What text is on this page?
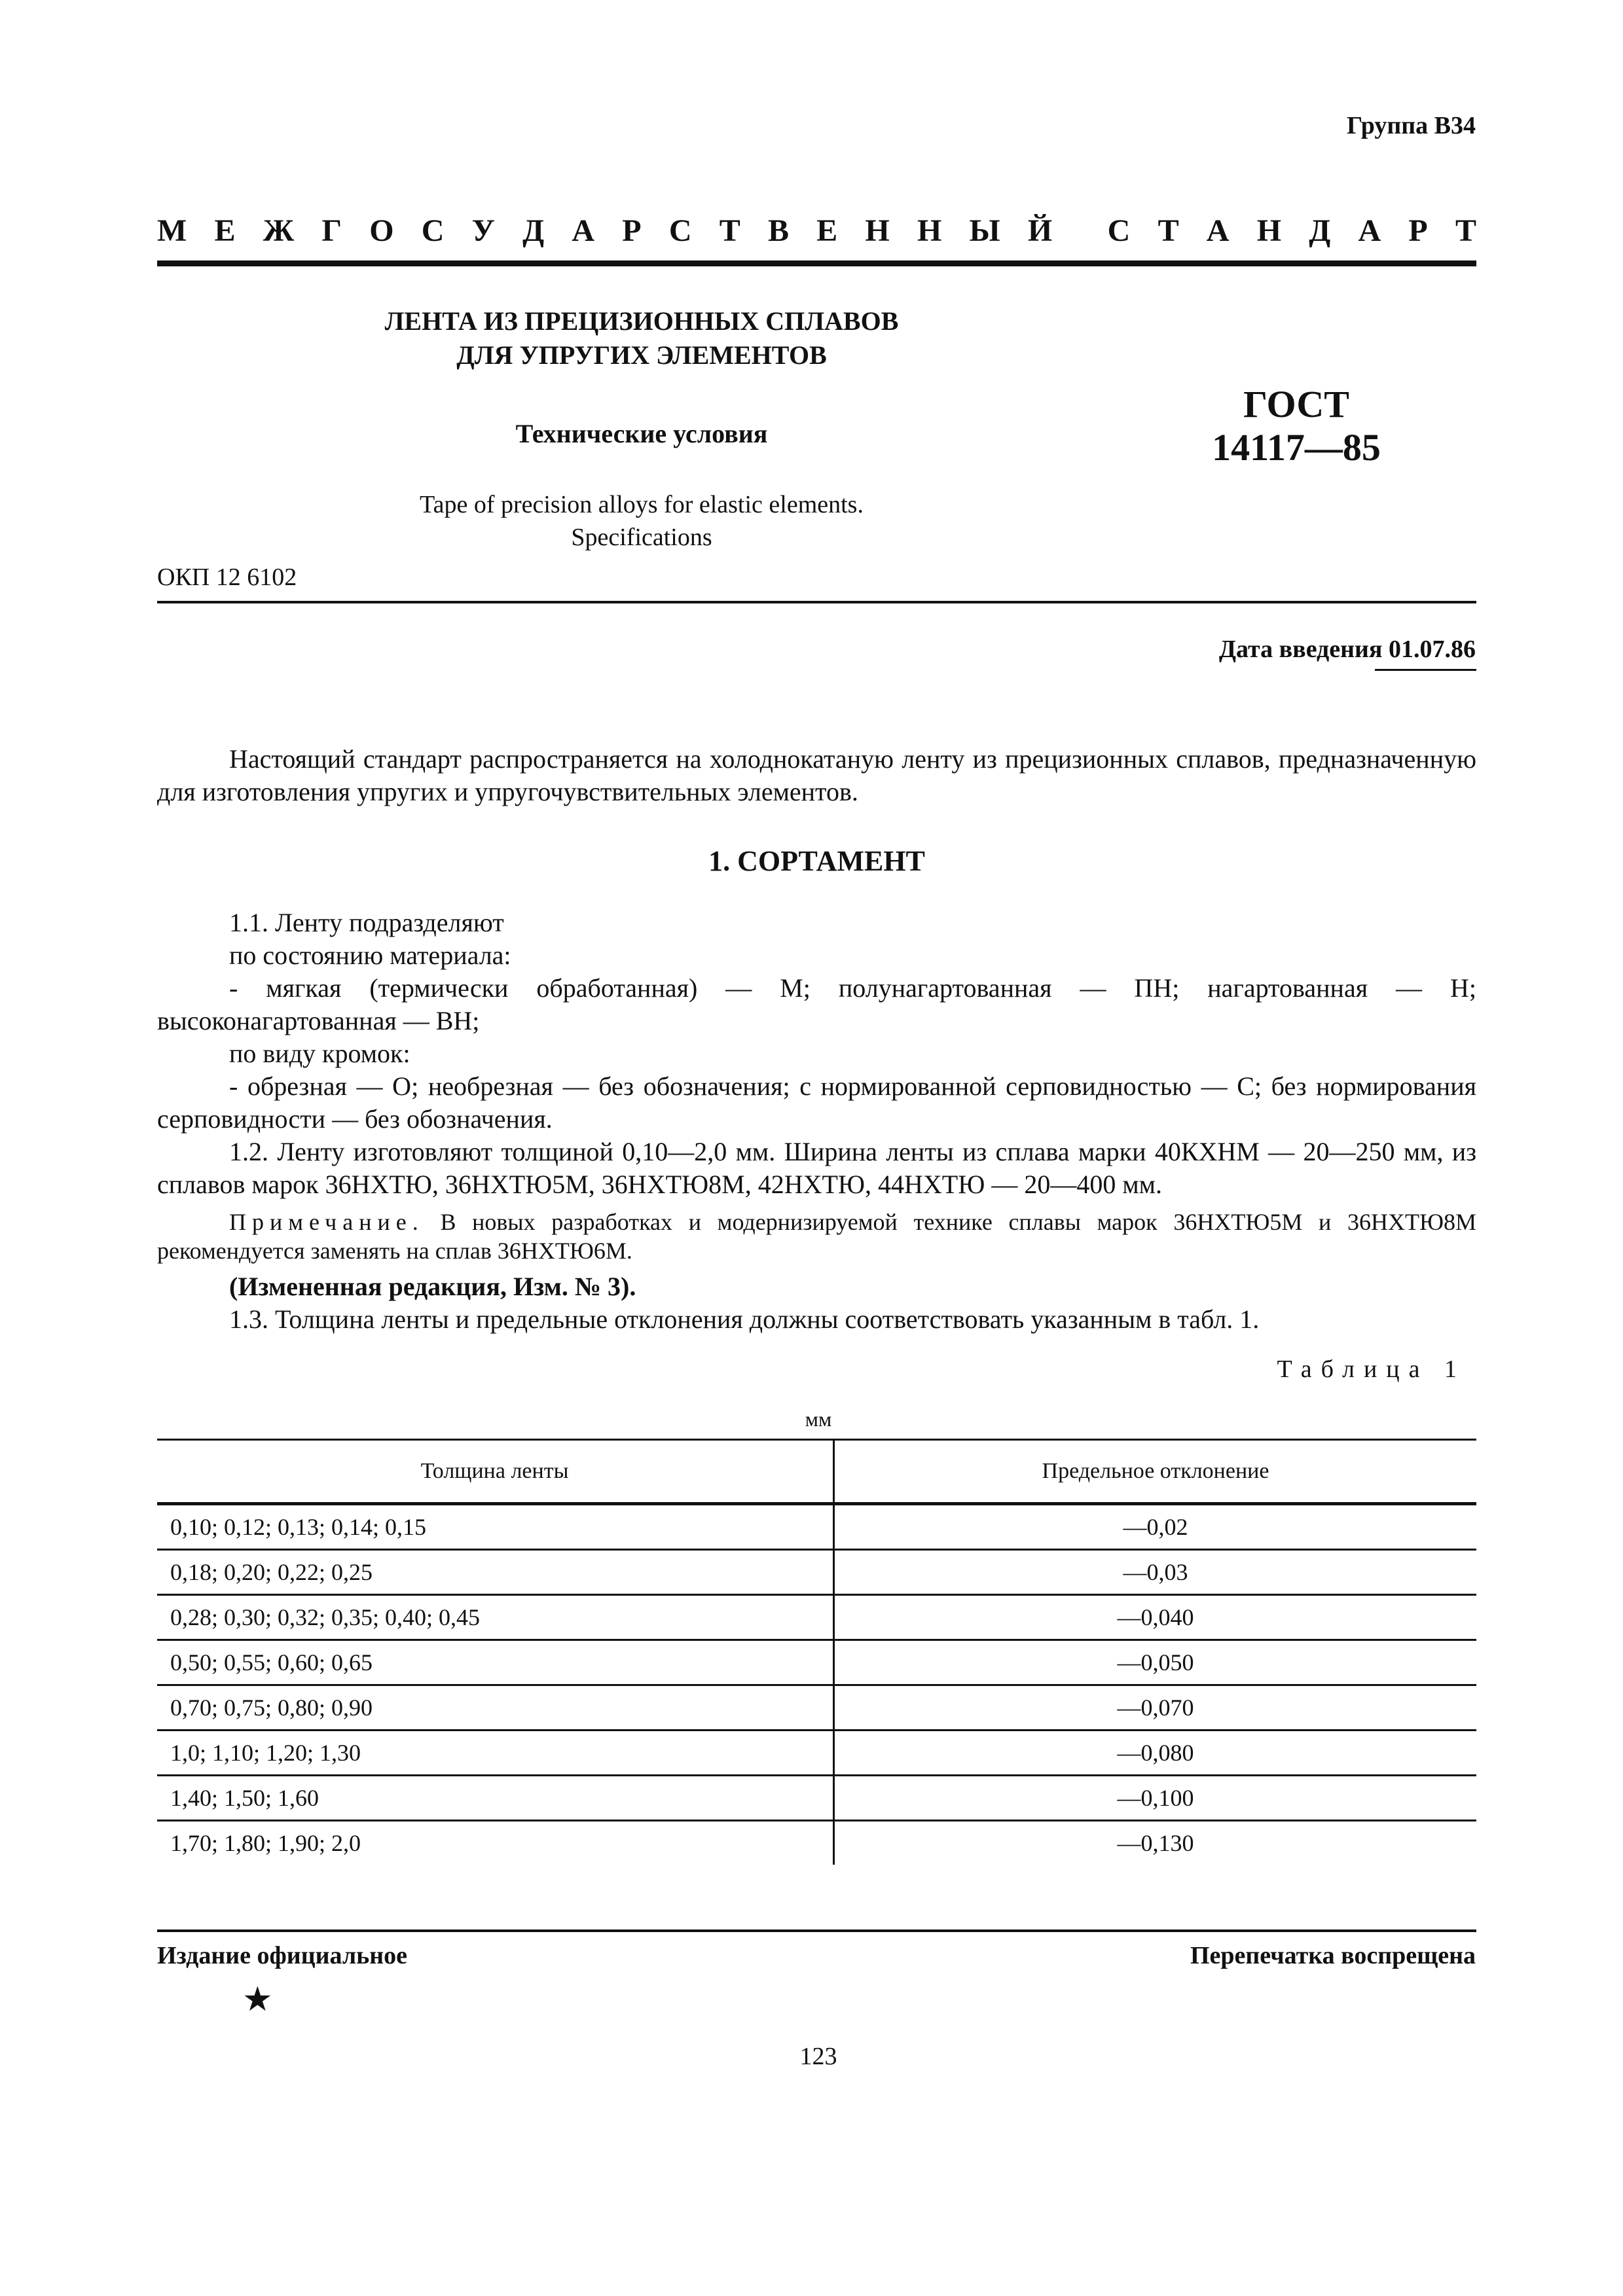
Группа В34
М Е Ж Г О С У Д А Р С Т В Е Н Н Ы Й С Т А Н Д А Р Т
ЛЕНТА ИЗ ПРЕЦИЗИОННЫХ СПЛАВОВ
ДЛЯ УПРУГИХ ЭЛЕМЕНТОВ
Технические условия
Tape of precision alloys for elastic elements.
Specifications
ГОСТ
14117—85
ОКП 12 6102
Дата введения 01.07.86
Настоящий стандарт распространяется на холоднокатаную ленту из прецизионных сплавов, предназначенную для изготовления упругих и упругочувствительных элементов.
1. СОРТАМЕНТ
1.1. Ленту подразделяют
по состоянию материала:
- мягкая (термически обработанная) — М; полунагартованная — ПН; нагартованная — Н; высоконагартованная — ВН;
по виду кромок:
- обрезная — О; необрезная — без обозначения; с нормированной серповидностью — С; без нормирования серповидности — без обозначения.
1.2. Ленту изготовляют толщиной 0,10—2,0 мм. Ширина ленты из сплава марки 40КХНМ — 20—250 мм, из сплавов марок 36НХТЮ, 36НХТЮ5М, 36НХТЮ8М, 42НХТЮ, 44НХТЮ — 20—400 мм.
Примечание. В новых разработках и модернизируемой технике сплавы марок 36НХТЮ5М и 36НХТЮ8М рекомендуется заменять на сплав 36НХТЮ6М.
(Измененная редакция, Изм. № 3).
1.3. Толщина ленты и предельные отклонения должны соответствовать указанным в табл. 1.
Таблица 1
мм
Толщина ленты	Предельное отклонение
0,10; 0,12; 0,13; 0,14; 0,15	—0,02
0,18; 0,20; 0,22; 0,25	—0,03
0,28; 0,30; 0,32; 0,35; 0,40; 0,45	—0,040
0,50; 0,55; 0,60; 0,65	—0,050
0,70; 0,75; 0,80; 0,90	—0,070
1,0; 1,10; 1,20; 1,30	—0,080
1,40; 1,50; 1,60	—0,100
1,70; 1,80; 1,90; 2,0	—0,130
Издание официальное	Перепечатка воспрещена
★
123
